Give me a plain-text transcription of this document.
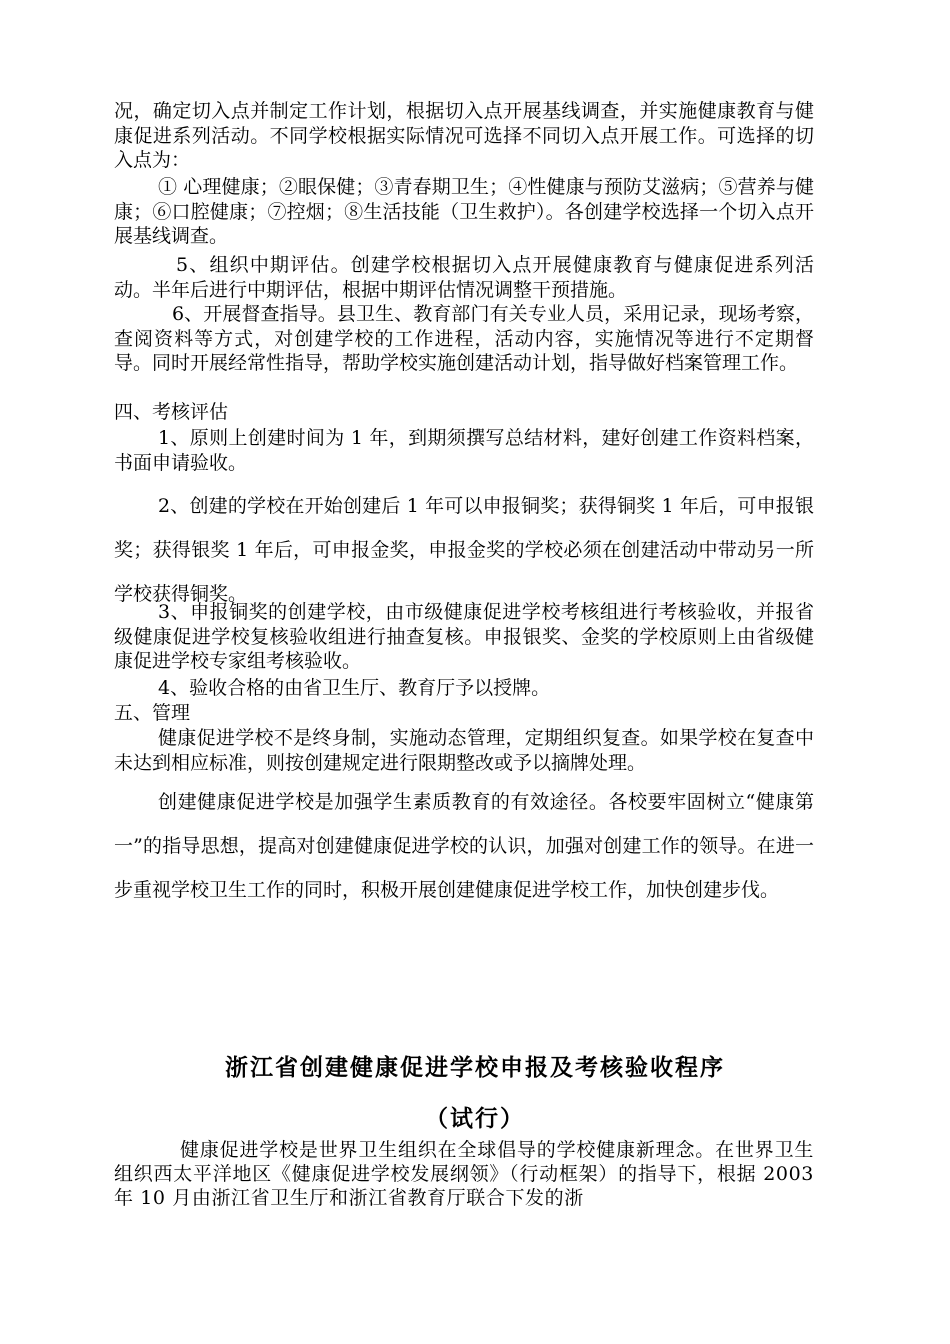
况，确定切入点并制定工作计划，根据切入点开展基线调查，并实施健康教育与健康促进系列活动。不同学校根据实际情况可选择不同切入点开展工作。可选择的切入点为：

① 心理健康；②眼保健；③青春期卫生；④性健康与预防艾滋病；⑤营养与健康；⑥口腔健康；⑦控烟；⑧生活技能（卫生救护）。各创建学校选择一个切入点开展基线调查。

5、组织中期评估。创建学校根据切入点开展健康教育与健康促进系列活动。半年后进行中期评估，根据中期评估情况调整干预措施。

6、开展督查指导。县卫生、教育部门有关专业人员，采用记录，现场考察，查阅资料等方式，对创建学校的工作进程，活动内容，实施情况等进行不定期督导。同时开展经常性指导，帮助学校实施创建活动计划，指导做好档案管理工作。

四、考核评估

1、原则上创建时间为 1 年，到期须撰写总结材料，建好创建工作资料档案，书面申请验收。

2、创建的学校在开始创建后 1 年可以申报铜奖；获得铜奖 1 年后，可申报银奖；获得银奖 1 年后，可申报金奖，申报金奖的学校必须在创建活动中带动另一所学校获得铜奖。

3、申报铜奖的创建学校，由市级健康促进学校考核组进行考核验收，并报省级健康促进学校复核验收组进行抽查复核。申报银奖、金奖的学校原则上由省级健康促进学校专家组考核验收。

4、验收合格的由省卫生厅、教育厅予以授牌。

五、管理

健康促进学校不是终身制，实施动态管理，定期组织复查。如果学校在复查中未达到相应标准，则按创建规定进行限期整改或予以摘牌处理。

创建健康促进学校是加强学生素质教育的有效途径。各校要牢固树立“健康第一”的指导思想，提高对创建健康促进学校的认识，加强对创建工作的领导。在进一步重视学校卫生工作的同时，积极开展创建健康促进学校工作，加快创建步伐。

浙江省创建健康促进学校申报及考核验收程序
（试行）

健康促进学校是世界卫生组织在全球倡导的学校健康新理念。在世界卫生组织西太平洋地区《健康促进学校发展纲领》（行动框架）的指导下，根据 2003 年 10 月由浙江省卫生厅和浙江省教育厅联合下发的浙
